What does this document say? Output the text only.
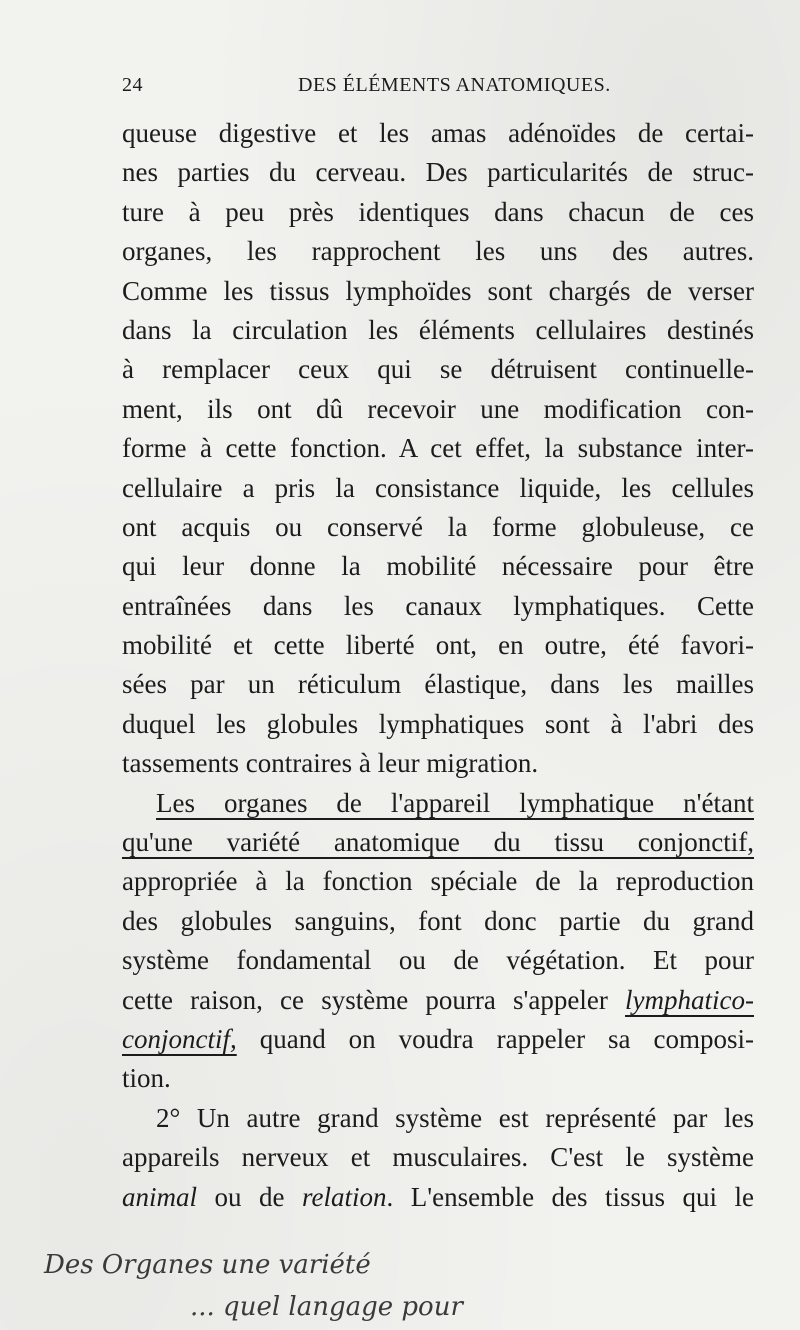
24	DES ÉLÉMENTS ANATOMIQUES.
queuse digestive et les amas adénoïdes de certai-
nes parties du cerveau. Des particularités de struc-
ture à peu près identiques dans chacun de ces
organes, les rapprochent les uns des autres.
Comme les tissus lymphoïdes sont chargés de verser
dans la circulation les éléments cellulaires destinés
à remplacer ceux qui se détruisent continuelle-
ment, ils ont dû recevoir une modification con-
forme à cette fonction. A cet effet, la substance inter-
cellulaire a pris la consistance liquide, les cellules
ont acquis ou conservé la forme globuleuse, ce
qui leur donne la mobilité nécessaire pour être
entraînées dans les canaux lymphatiques. Cette
mobilité et cette liberté ont, en outre, été favori-
sées par un réticulum élastique, dans les mailles
duquel les globules lymphatiques sont à l'abri des
tassements contraires à leur migration.
Les organes de l'appareil lymphatique n'étant
qu'une variété anatomique du tissu conjonctif,
appropriée à la fonction spéciale de la reproduction
des globules sanguins, font donc partie du grand
système fondamental ou de végétation. Et pour
cette raison, ce système pourra s'appeler lymphatico-
conjonctif, quand on voudra rappeler sa composi-
tion.
2° Un autre grand système est représenté par les
appareils nerveux et musculaires. C'est le système
animal ou de relation. L'ensemble des tissus qui le
Des Organes une variété
... quel langage pour
